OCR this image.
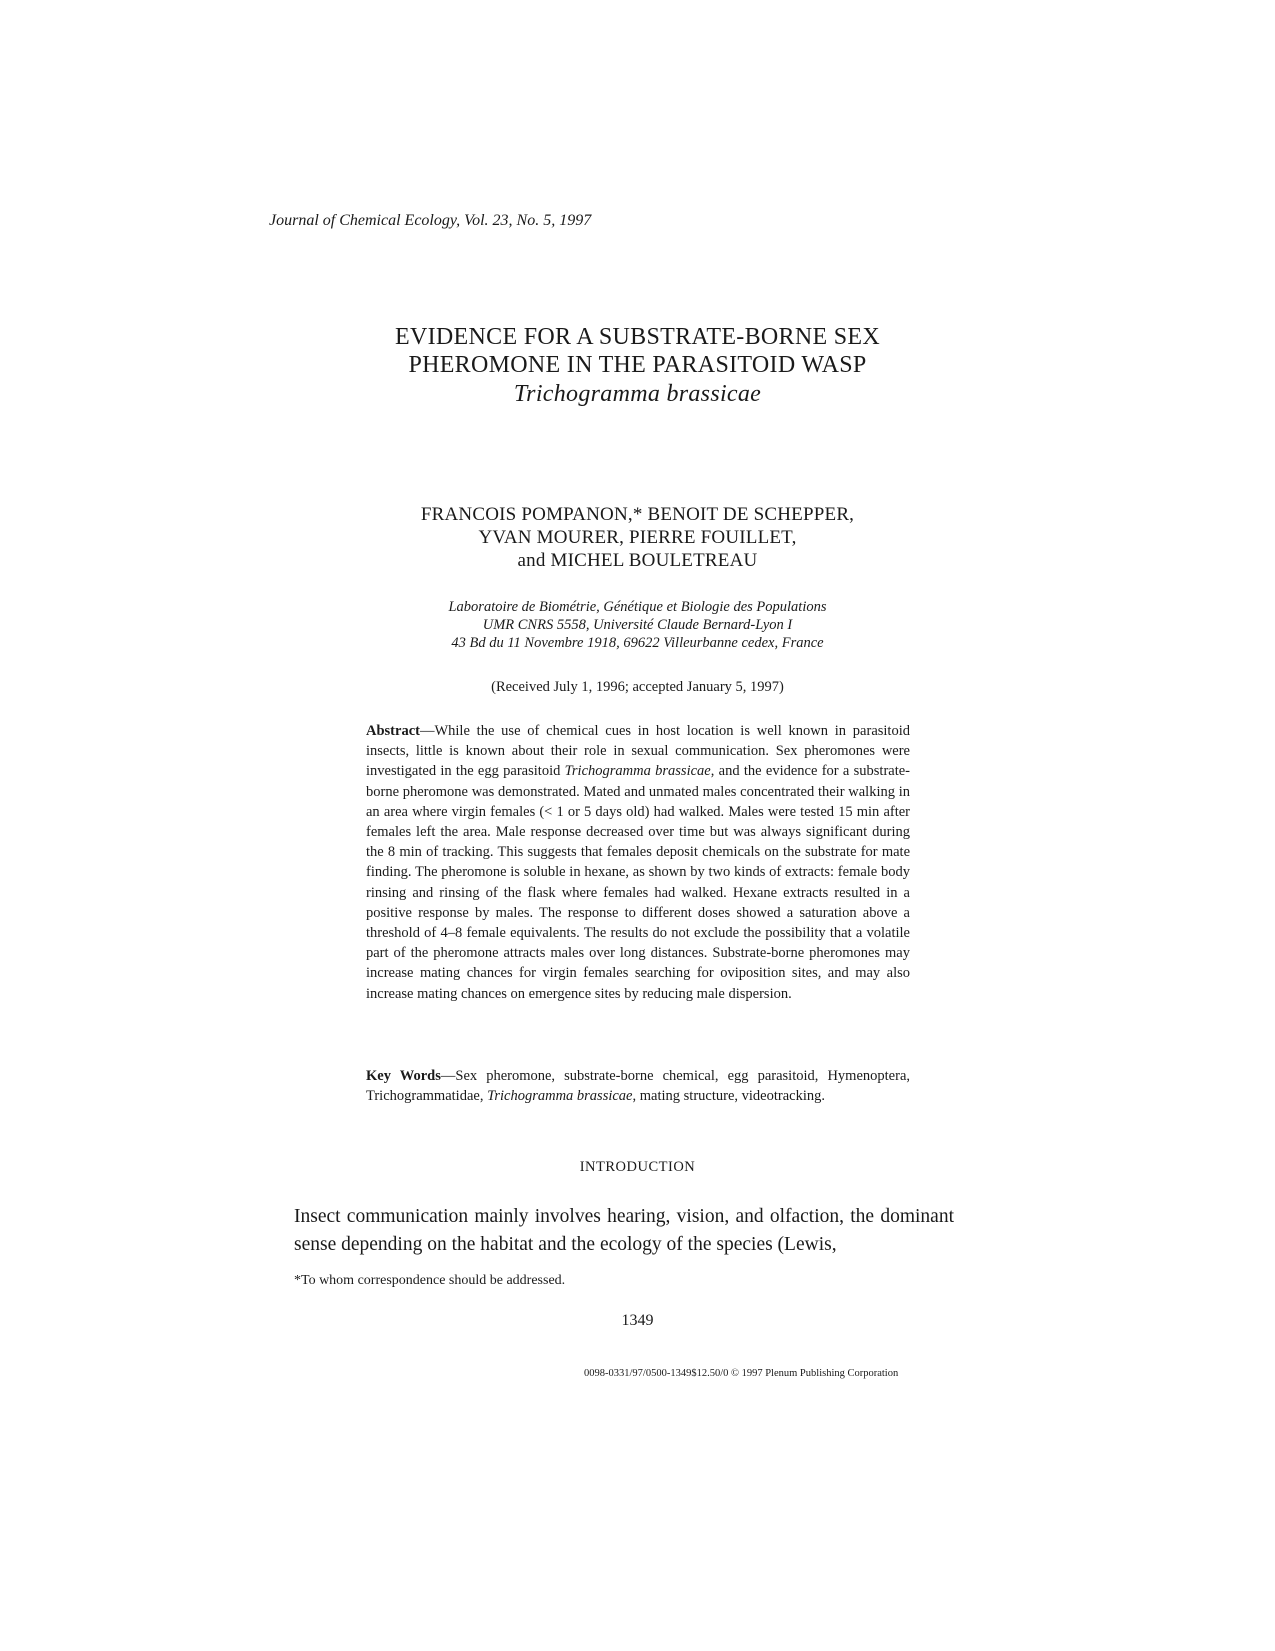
Journal of Chemical Ecology, Vol. 23, No. 5, 1997

EVIDENCE FOR A SUBSTRATE-BORNE SEX
PHEROMONE IN THE PARASITOID WASP
Trichogramma brassicae
FRANCOIS POMPANON,* BENOIT DE SCHEPPER,
YVAN MOURER, PIERRE FOUILLET,
and MICHEL BOULETREAU
Laboratoire de Biométrie, Génétique et Biologie des Populations
UMR CNRS 5558, Université Claude Bernard-Lyon I
43 Bd du 11 Novembre 1918, 69622 Villeurbanne cedex, France

(Received July 1, 1996; accepted January 5, 1997)

Abstract—While the use of chemical cues in host location is well known in parasitoid insects, little is known about their role in sexual communication. Sex pheromones were investigated in the egg parasitoid Trichogramma brassicae, and the evidence for a substrate-borne pheromone was demonstrated. Mated and unmated males concentrated their walking in an area where virgin females (< 1 or 5 days old) had walked. Males were tested 15 min after females left the area. Male response decreased over time but was always significant during the 8 min of tracking. This suggests that females deposit chemicals on the substrate for mate finding. The pheromone is soluble in hexane, as shown by two kinds of extracts: female body rinsing and rinsing of the flask where females had walked. Hexane extracts resulted in a positive response by males. The response to different doses showed a saturation above a threshold of 4–8 female equivalents. The results do not exclude the possibility that a volatile part of the pheromone attracts males over long distances. Substrate-borne pheromones may increase mating chances for virgin females searching for oviposition sites, and may also increase mating chances on emergence sites by reducing male dispersion.

Key Words—Sex pheromone, substrate-borne chemical, egg parasitoid, Hymenoptera, Trichogrammatidae, Trichogramma brassicae, mating structure, videotracking.

INTRODUCTION

Insect communication mainly involves hearing, vision, and olfaction, the dominant sense depending on the habitat and the ecology of the species (Lewis,

*To whom correspondence should be addressed.

1349

0098-0331/97/0500-1349$12.50/0 © 1997 Plenum Publishing Corporation
